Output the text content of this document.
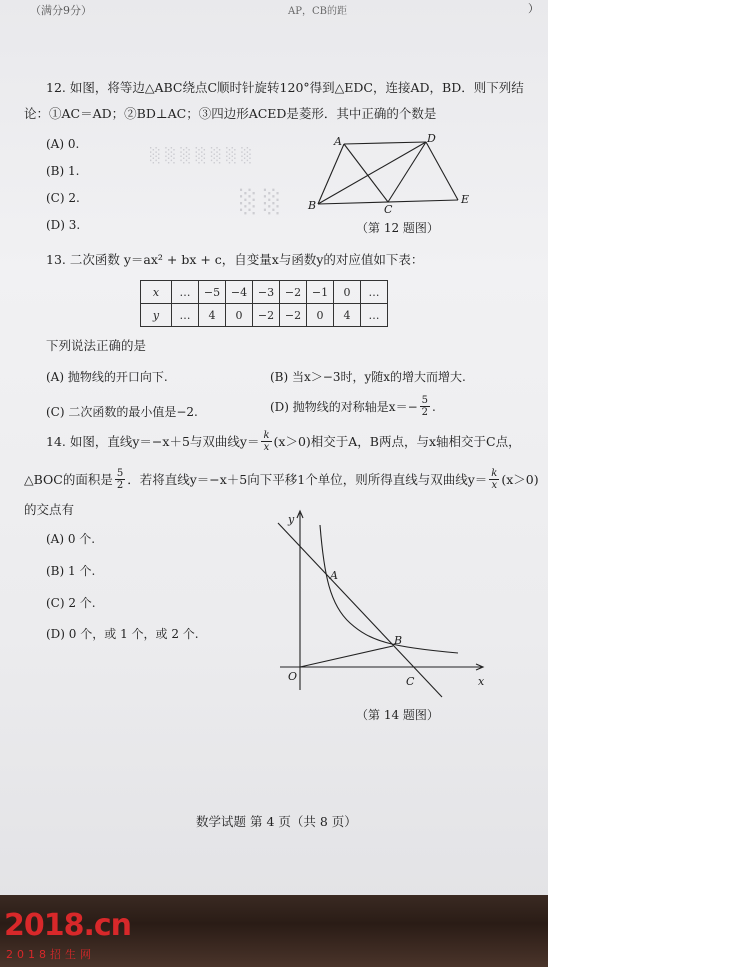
░ ░ ░ ░ ░ ░ ░
░ ░
（满分9分）	AP，CB的距	）
12. 如图，将等边△ABC绕点C顺时针旋转120°得到△EDC，连接AD，BD．则下列结
论：①AC＝AD；②BD⊥AC；③四边形ACED是菱形．其中正确的个数是
(A) 0.
(B) 1.
(C) 2.
(D) 3.
A	D
B	C
E
（第 12 题图）
13. 二次函数 y＝ax² + bx + c，自变量x与函数y的对应值如下表：
x	…	−5	−4	−3	−2	−1	0	…
y	…	4	0	−2	−2	0	4	…
下列说法正确的是
(A) 抛物线的开口向下.	(B) 当x＞−3时，y随x的增大而增大.
(C) 二次函数的最小值是−2.	(D) 抛物线的对称轴是$x=- \frac{5}{2}$ .
14. 如图，直线y＝−x＋5与双曲线$y= \frac{k}{x} (x>0)$相交于A，B两点，与x轴相交于C点，
△BOC的面积是 $\frac{5}{2}$ ．若将直线y＝−x＋5向下平移1个单位，则所得直线与双曲线$y= \frac{k}{x} (x>0)$
的交点有
(A) 0 个.
(B) 1 个.
(C) 2 个.
(D) 0 个，或 1 个，或 2 个.
A
B
C
O
y
x
（第 14 题图）
数学试题 第 4 页（共 8 页）
2018.cn
2018招生网
